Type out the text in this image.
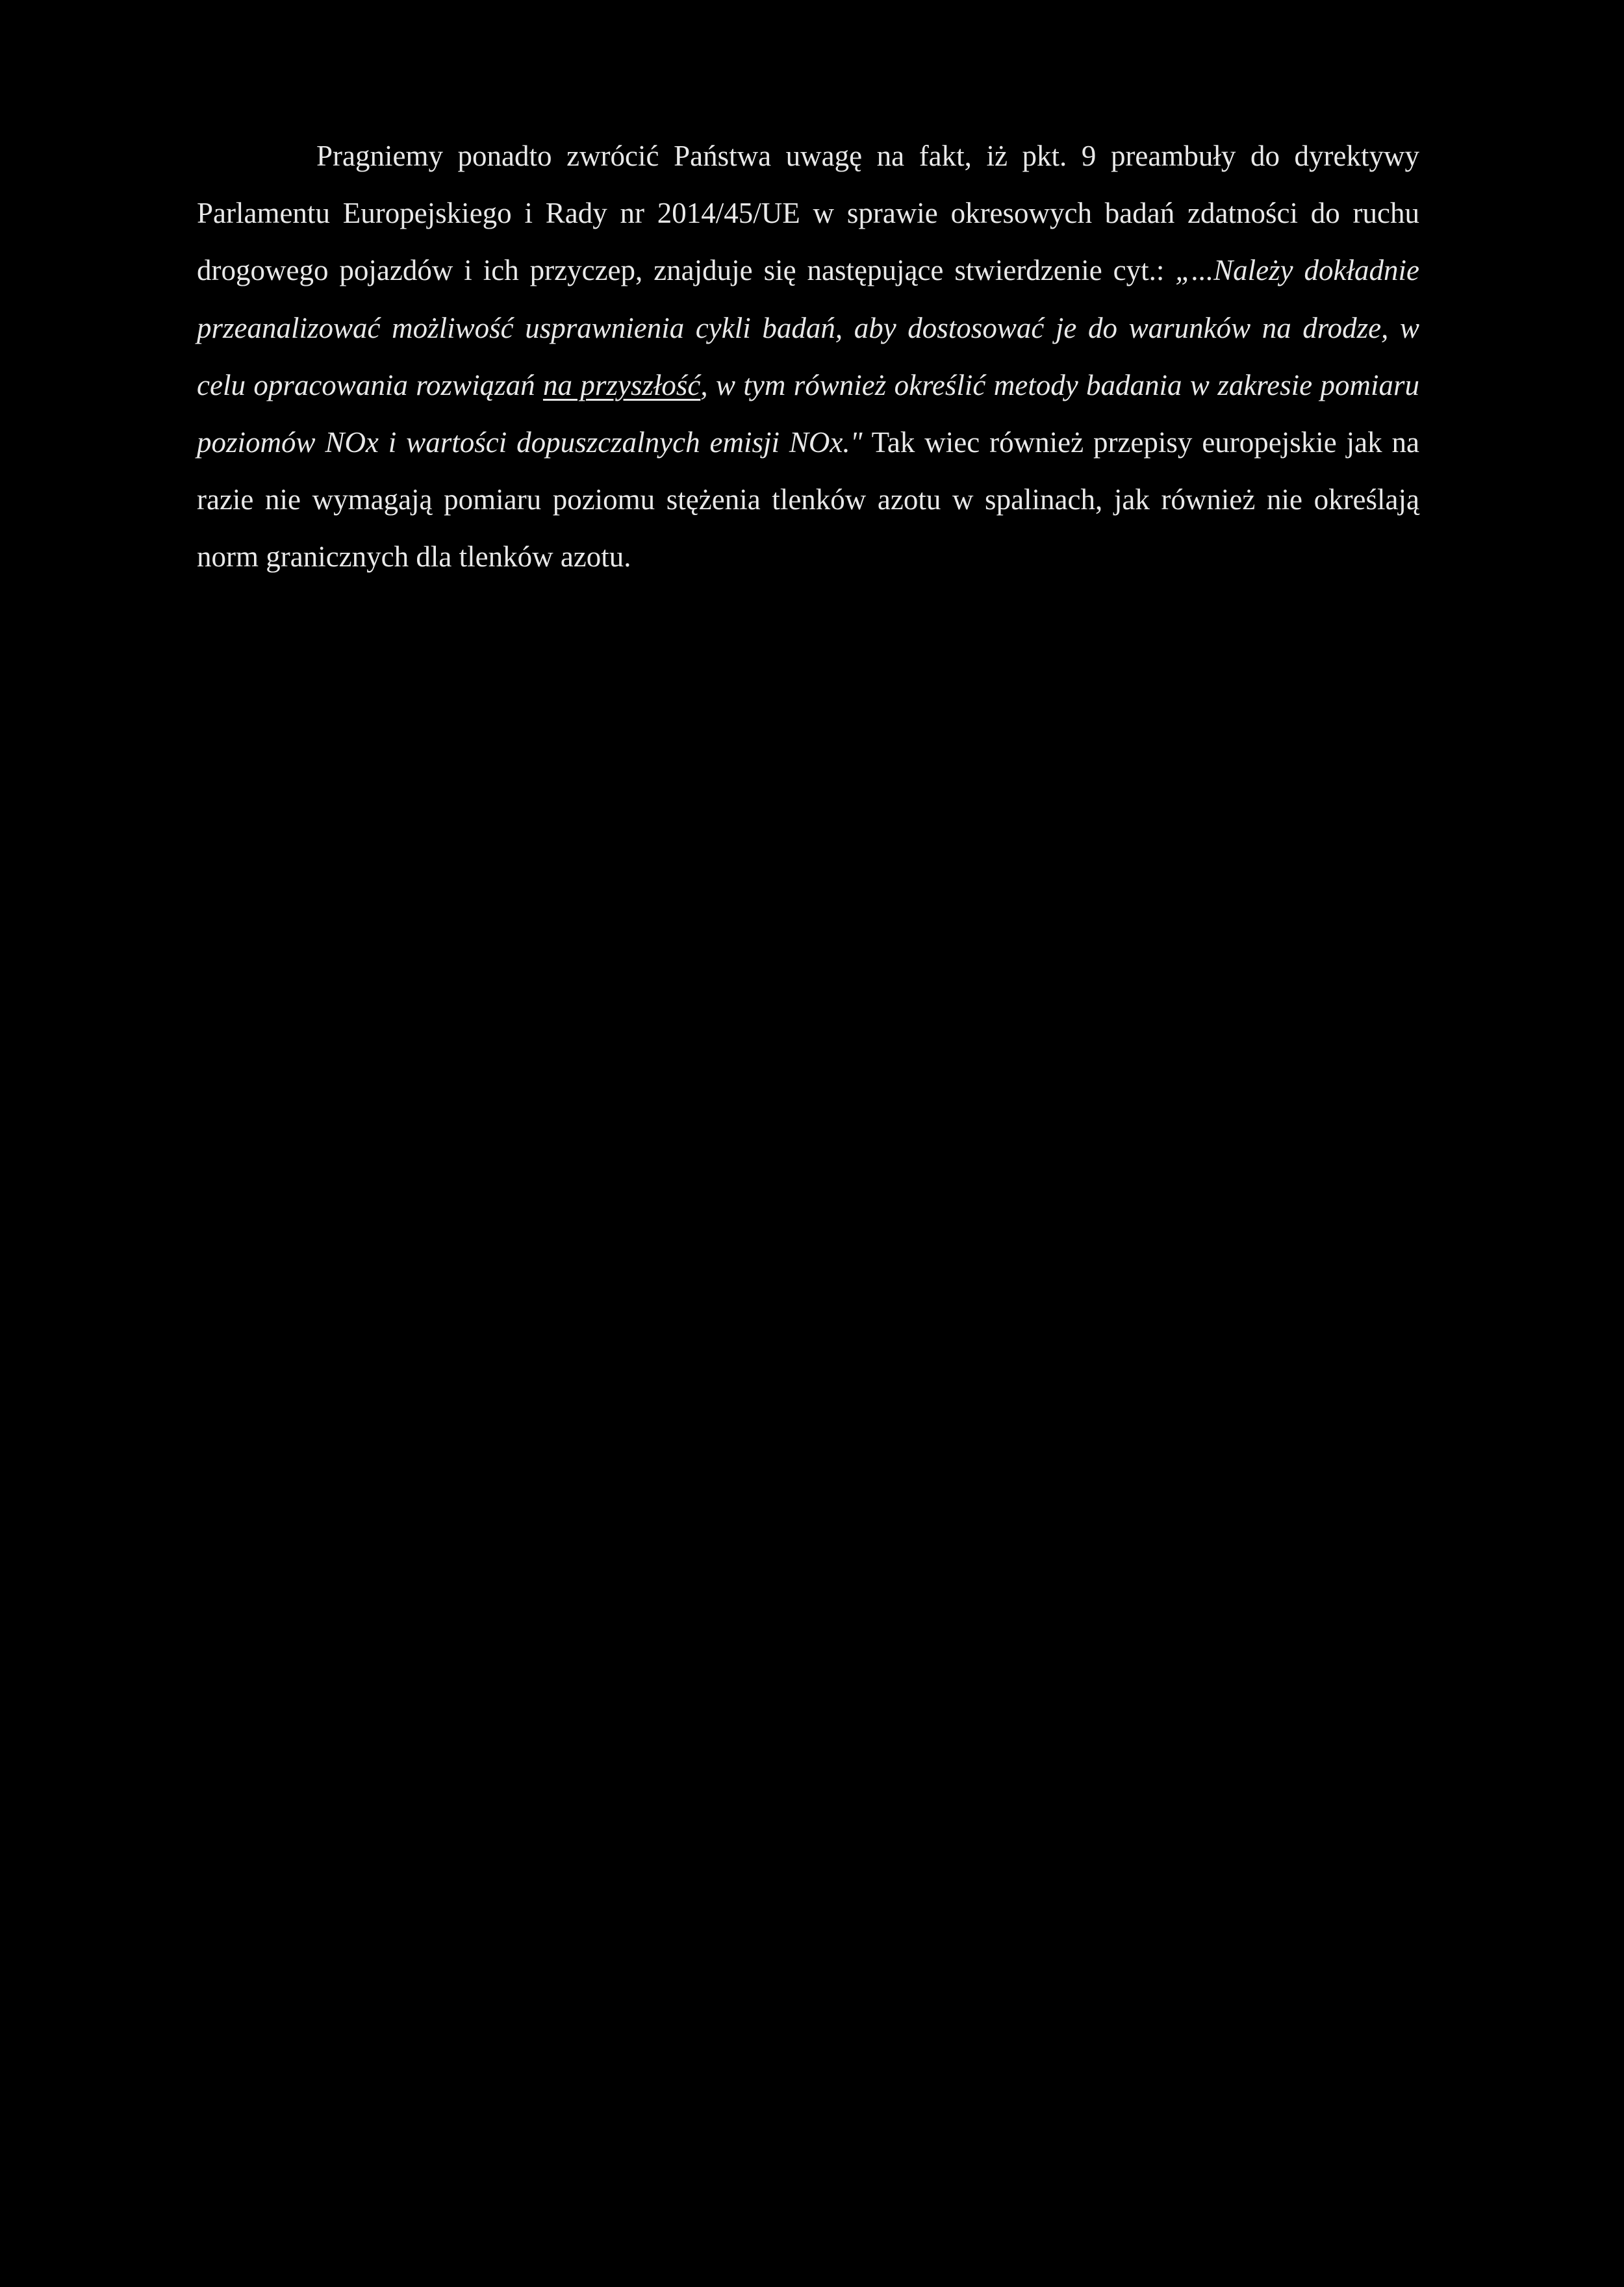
Pragniemy ponadto zwrócić Państwa uwagę na fakt, iż pkt. 9 preambuły do dyrektywy Parlamentu Europejskiego i Rady nr 2014/45/UE w sprawie okresowych badań zdatności do ruchu drogowego pojazdów i ich przyczep, znajduje się następujące stwierdzenie cyt.: „...Należy dokładnie przeanalizować możliwość usprawnienia cykli badań, aby dostosować je do warunków na drodze, w celu opracowania rozwiązań na przyszłość, w tym również określić metody badania w zakresie pomiaru poziomów NOx i wartości dopuszczalnych emisji NOx." Tak wiec również przepisy europejskie jak na razie nie wymagają pomiaru poziomu stężenia tlenków azotu w spalinach, jak również nie określają norm granicznych dla tlenków azotu.
